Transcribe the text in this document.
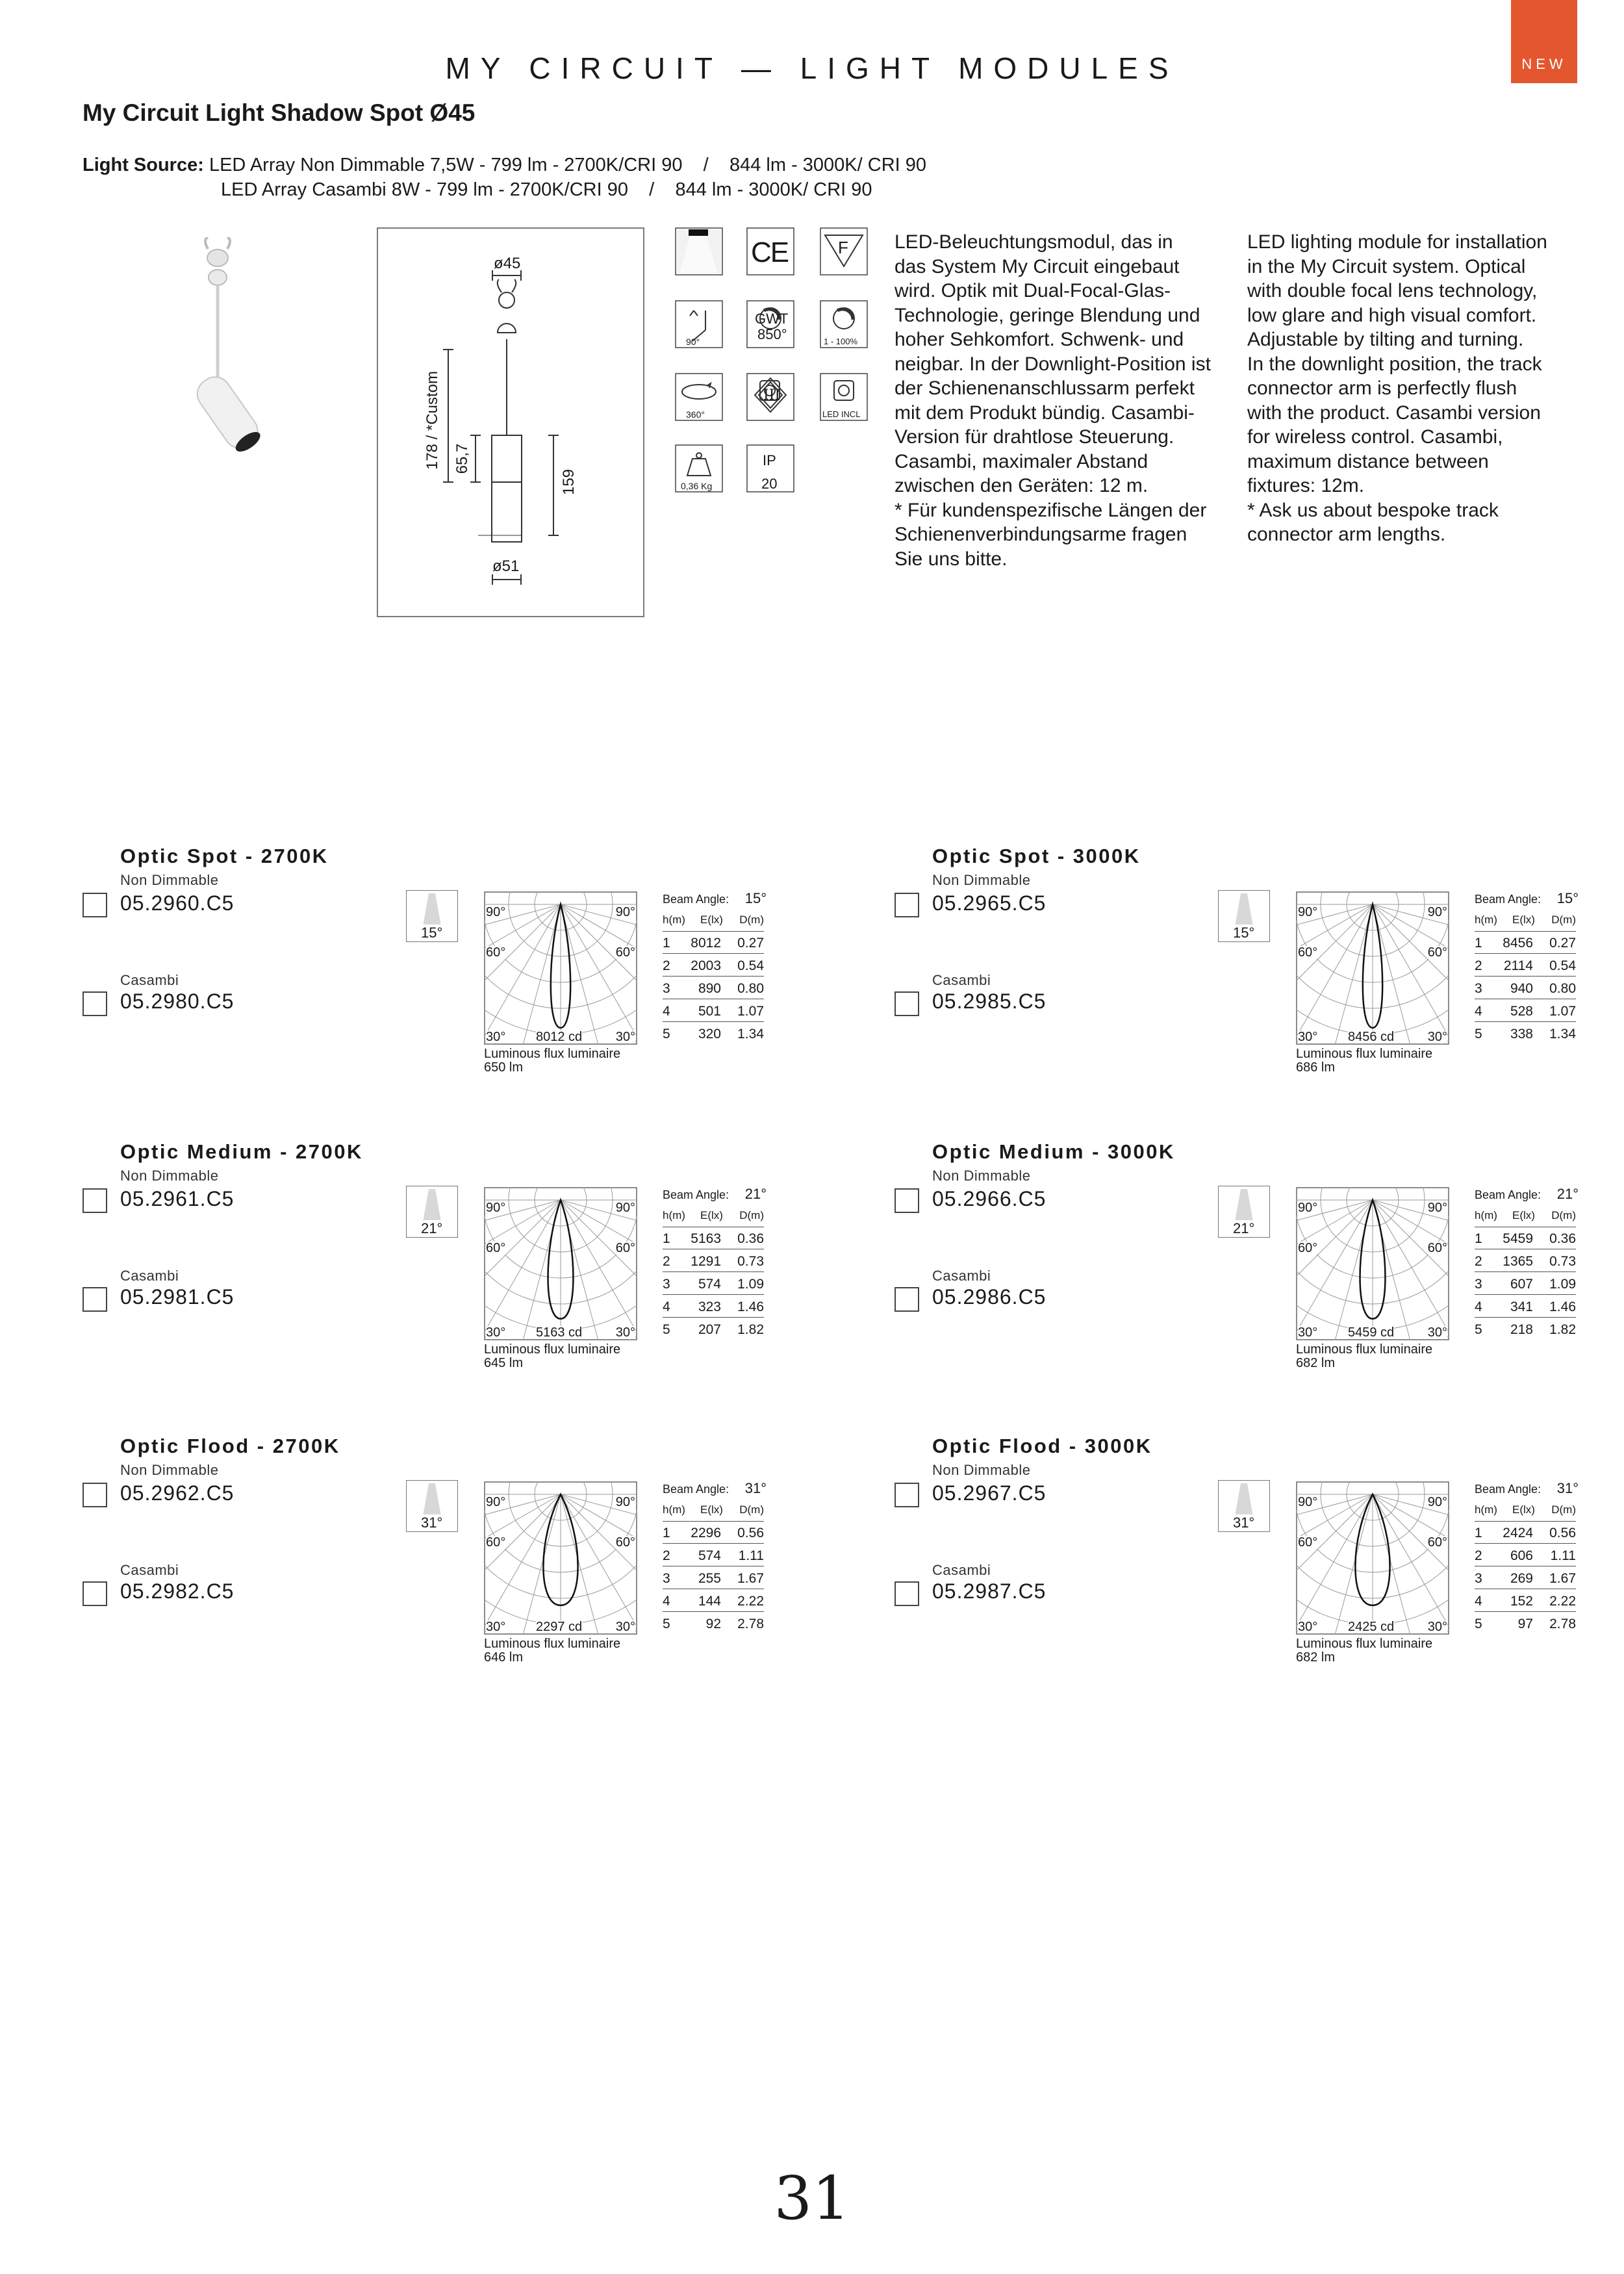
NEW
MY CIRCUIT — LIGHT MODULES
My Circuit Light Shadow Spot Ø45
Light Source: LED Array Non Dimmable 7,5W - 799 lm - 2700K/CRI 90    /    844 lm - 3000K/ CRI 90
LED Array Casambi 8W - 799 lm - 2700K/CRI 90    /    844 lm - 3000K/ CRI 90
ø45
178 / *Custom 65,7
159
ø51
CE
90°
GWT
850°
360°
0,36 Kg
IP
20
F
1 - 100%
LED INCL
III
LED-Beleuchtungsmodul, das in
das System My Circuit eingebaut
wird. Optik mit Dual-Focal-Glas-
Technologie, geringe Blendung und
hoher Sehkomfort. Schwenk- und
neigbar. In der Downlight-Position ist
der Schienenanschlussarm perfekt
mit dem Produkt bündig. Casambi-
Version für drahtlose Steuerung.
Casambi, maximaler Abstand
zwischen den Geräten: 12 m.
* Für kundenspezifische Längen der
Schienenverbindungsarme fragen
Sie uns bitte.
LED lighting module for installation
in the My Circuit system. Optical
with double focal lens technology,
low glare and high visual comfort.
Adjustable by tilting and turning.
In the downlight position, the track
connector arm is perfectly flush
with the product. Casambi version
for wireless control. Casambi,
maximum distance between
fixtures: 12m.
* Ask us about bespoke track
connector arm lengths.
Optic Spot - 2700K
Non Dimmable
05.2960.C5
Casambi
05.2980.C5
15°
90°	90°
60°	60°
30°	30°
8012 cd
Luminous flux luminaire
650 lm
Beam Angle: 15°
h(m) E(lx) D(m)
1 8012 0.27
2 2003 0.54
3 890 0.80
4 501 1.07
5 320 1.34
Optic Spot - 3000K
Non Dimmable
05.2965.C5
Casambi
05.2985.C5
15°
90°	90°
60°	60°
30°	30°
8456 cd
Luminous flux luminaire
686 lm
Beam Angle: 15°
h(m) E(lx) D(m)
1 8456 0.27
2 2114 0.54
3 940 0.80
4 528 1.07
5 338 1.34
Optic Medium - 2700K
Non Dimmable
05.2961.C5
Casambi
05.2981.C5
21°
90°	90°
60°	60°
30°	30°
5163 cd
Luminous flux luminaire
645 lm
Beam Angle: 21°
h(m) E(lx) D(m)
1 5163 0.36
2 1291 0.73
3 574 1.09
4 323 1.46
5 207 1.82
Optic Medium - 3000K
Non Dimmable
05.2966.C5
Casambi
05.2986.C5
21°
90°	90°
60°	60°
30°	30°
5459 cd
Luminous flux luminaire
682 lm
Beam Angle: 21°
h(m) E(lx) D(m)
1 5459 0.36
2 1365 0.73
3 607 1.09
4 341 1.46
5 218 1.82
Optic Flood - 2700K
Non Dimmable
05.2962.C5
Casambi
05.2982.C5
31°
90°	90°
60°	60°
30°	30°
2297 cd
Luminous flux luminaire
646 lm
Beam Angle: 31°
h(m) E(lx) D(m)
1 2296 0.56
2 574 1.11
3 255 1.67
4 144 2.22
5	92 2.78
Optic Flood - 3000K
Non Dimmable
05.2967.C5
Casambi
05.2987.C5
31°
90°	90°
60°	60°
30°	30°
2425 cd
Luminous flux luminaire
682 lm
Beam Angle: 31°
h(m) E(lx) D(m)
1 2424 0.56
2 606 1.11
3 269 1.67
4 152 2.22
5	97 2.78
31
